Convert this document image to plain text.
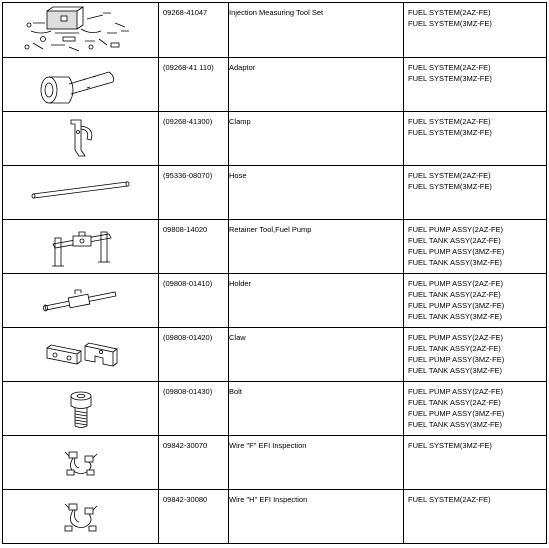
	09268-41047	Injection Measuring Tool Set	FUEL SYSTEM(2AZ-FE)
FUEL SYSTEM(3MZ-FE)

	(09268-41 110)	Adaptor	FUEL SYSTEM(2AZ-FE)
FUEL SYSTEM(3MZ-FE)

	(09268-41300)	Clamp	FUEL SYSTEM(2AZ-FE)
FUEL SYSTEM(3MZ-FE)

	(95336-08070)	Hose	FUEL SYSTEM(2AZ-FE)
FUEL SYSTEM(3MZ-FE)

	09808-14020	Retainer Tool,Fuel Pump	FUEL PUMP ASSY(2AZ-FE)
FUEL TANK ASSY(2AZ-FE)
FUEL PUMP ASSY(3MZ-FE)
FUEL TANK ASSY(3MZ-FE)

	(09808-01410)	Holder	FUEL PUMP ASSY(2AZ-FE)
FUEL TANK ASSY(2AZ-FE)
FUEL PUMP ASSY(3MZ-FE)
FUEL TANK ASSY(3MZ-FE)

	(09808-01420)	Claw	FUEL PUMP ASSY(2AZ-FE)
FUEL TANK ASSY(2AZ-FE)
FUEL PUMP ASSY(3MZ-FE)
FUEL TANK ASSY(3MZ-FE)

	(09808-01430)	Bolt	FUEL PUMP ASSY(2AZ-FE)
FUEL TANK ASSY(2AZ-FE)
FUEL PUMP ASSY(3MZ-FE)
FUEL TANK ASSY(3MZ-FE)

	09842-30070	Wire "F" EFI Inspection	FUEL SYSTEM(3MZ-FE)

	09842-30080	Wire "H" EFI Inspection	FUEL SYSTEM(2AZ-FE)
